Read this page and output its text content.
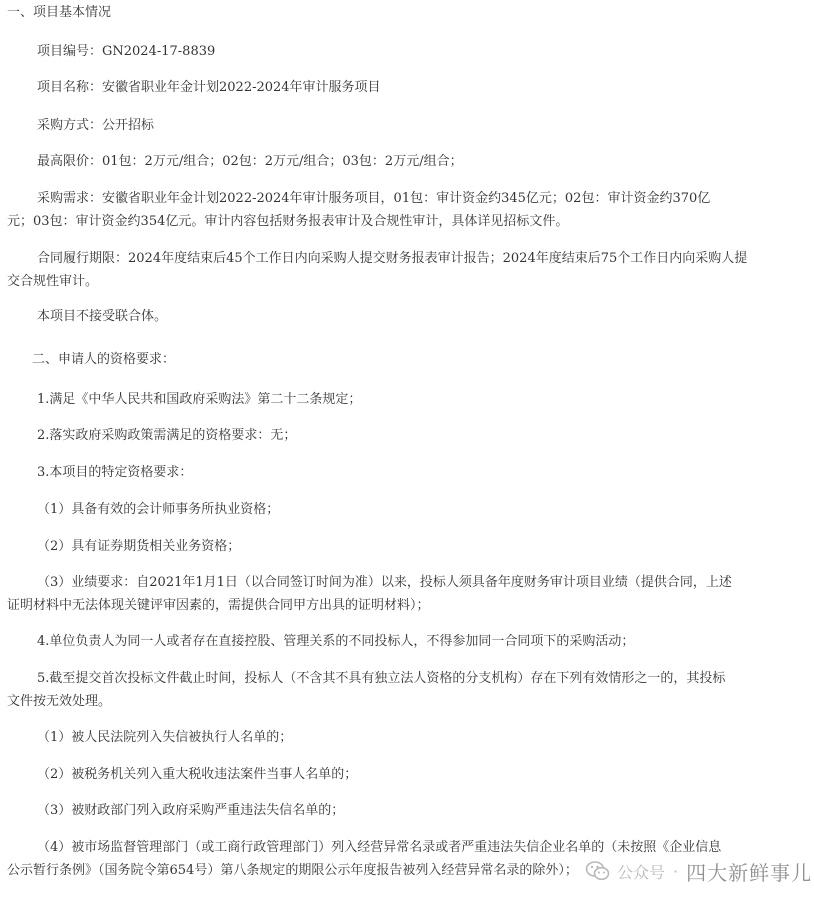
一、项目基本情况
项目编号：GN2024-17-8839
项目名称：安徽省职业年金计划2022-2024年审计服务项目
采购方式：公开招标
最高限价：01包：2万元/组合；02包：2万元/组合；03包：2万元/组合；
采购需求：安徽省职业年金计划2022-2024年审计服务项目，01包：审计资金约345亿元；02包：审计资金约370亿
元；03包：审计资金约354亿元。审计内容包括财务报表审计及合规性审计，具体详见招标文件。
合同履行期限：2024年度结束后45个工作日内向采购人提交财务报表审计报告；2024年度结束后75个工作日内向采购人提
交合规性审计。
本项目不接受联合体。
二、申请人的资格要求：
1.满足《中华人民共和国政府采购法》第二十二条规定；
2.落实政府采购政策需满足的资格要求：无；
3.本项目的特定资格要求：
（1）具备有效的会计师事务所执业资格；
（2）具有证券期货相关业务资格；
（3）业绩要求：自2021年1月1日（以合同签订时间为准）以来，投标人须具备年度财务审计项目业绩（提供合同，上述
证明材料中无法体现关键评审因素的，需提供合同甲方出具的证明材料）；
4.单位负责人为同一人或者存在直接控股、管理关系的不同投标人，不得参加同一合同项下的采购活动；
5.截至提交首次投标文件截止时间，投标人（不含其不具有独立法人资格的分支机构）存在下列有效情形之一的，其投标
文件按无效处理。
（1）被人民法院列入失信被执行人名单的；
（2）被税务机关列入重大税收违法案件当事人名单的；
（3）被财政部门列入政府采购严重违法失信名单的；
（4）被市场监督管理部门（或工商行政管理部门）列入经营异常名录或者严重违法失信企业名单的（未按照《企业信息
公示暂行条例》（国务院令第654号）第八条规定的期限公示年度报告被列入经营异常名录的除外）；	公众号 · 四大新鲜事儿
